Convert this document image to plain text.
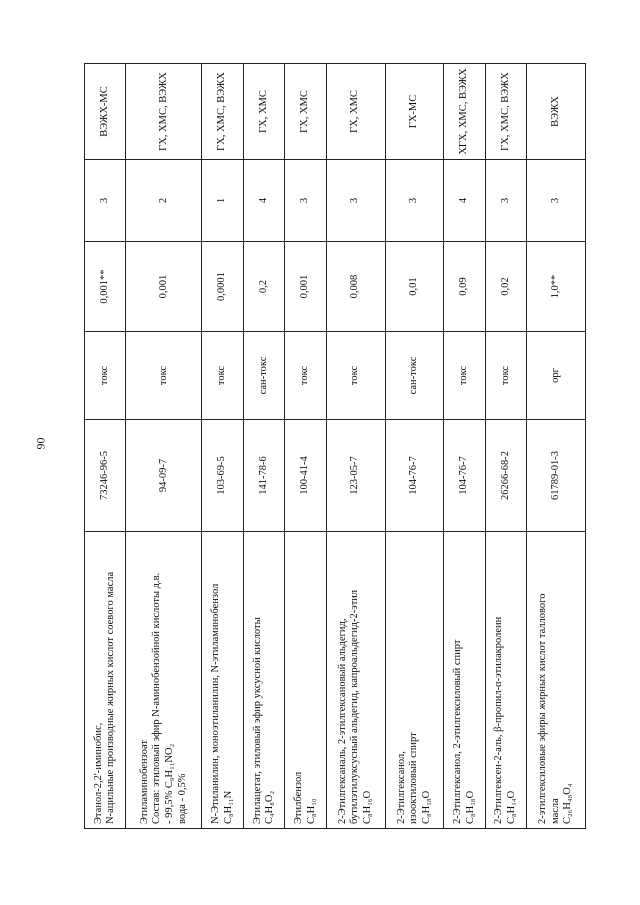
90
Этанол-2,2'-иминобис, N-ацильные производные жирных кислот соевого масла	73246-96-5	токс	0,001**	3	ВЭЖХ-МС

Этиламинобензоат Состав: этиловый эфир N-аминобензойной кислоты д.в. - 99,5% C₉H₁₁NO₂ вода - 0,5%	94-09-7	токс	0,001	2	ГХ, ХМС, ВЭЖХ

N-Этиланилин, моноэтиланилин, N-этиламинобензол C₈H₁₁N	103-69-5	токс	0,0001	1	ГХ, ХМС, ВЭЖХ

Этилацетат, этиловый эфир уксусной кислоты C₄H₈O₂	141-78-6	сан-токс	0,2	4	ГХ, ХМС

Этилбензол C₈H₁₀	100-41-4	токс	0,001	3	ГХ, ХМС

2-Этилгексаналь, 2-этилгексановый альдегид, бутилэтилуксусный альдегид, капроальдегид-2-этил C₈H₁₆O	123-05-7	токс	0,008	3	ГХ, ХМС

2-Этилгексанол, изооктиловый спирт C₈H₁₈O	104-76-7	сан-токс	0,01	3	ГХ-МС

2-Этилгексанол, 2-этилгексиловый спирт C₈H₁₈O	104-76-7	токс	0,09	4	ХГХ, ХМС, ВЭЖХ

2-Этилгексен-2-аль, β-пропил-α-этилакролеин C₈H₁₄O	26266-68-2	токс	0,02	3	ГХ, ХМС, ВЭЖХ

2-этилгексиловые эфиры жирных кислот таллового масла C₂₆H₄₈O₄	61789-01-3	орг	1,0**	3	ВЭЖХ
